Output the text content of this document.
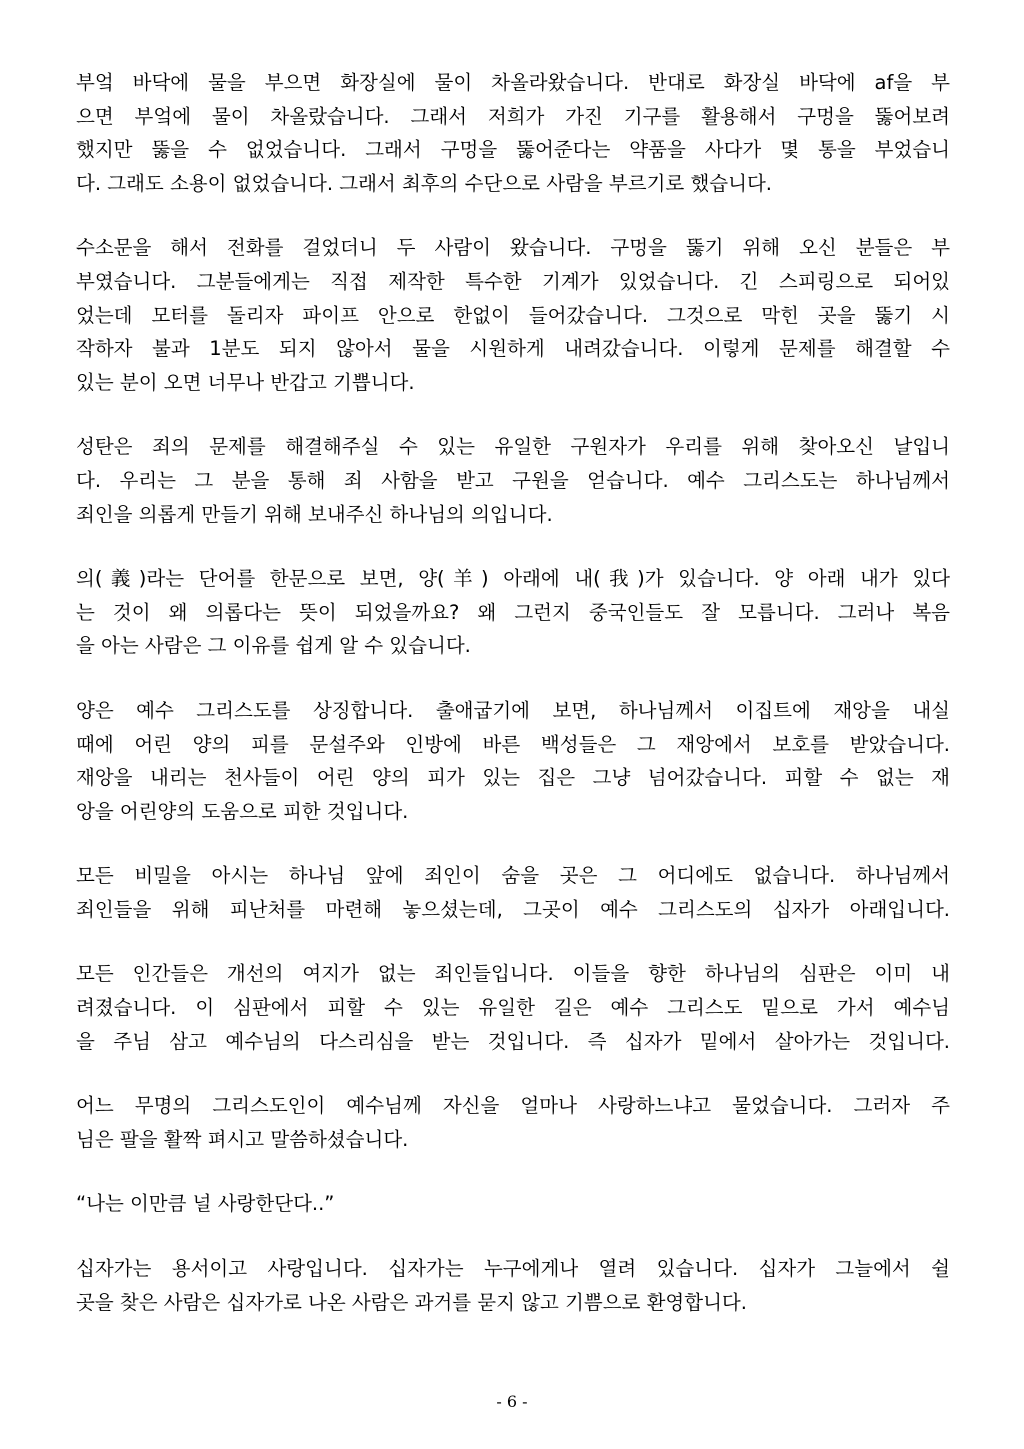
부엌 바닥에 물을 부으면 화장실에 물이 차올라왔습니다. 반대로 화장실 바닥에 af을 부
으면 부엌에 물이 차올랐습니다. 그래서 저희가 가진 기구를 활용해서 구멍을 뚫어보려
했지만 뚫을 수 없었습니다. 그래서 구멍을 뚫어준다는 약품을 사다가 몇 통을 부었습니
다. 그래도 소용이 없었습니다. 그래서 최후의 수단으로 사람을 부르기로 했습니다.
수소문을 해서 전화를 걸었더니 두 사람이 왔습니다. 구멍을 뚫기 위해 오신 분들은 부
부였습니다. 그분들에게는 직접 제작한 특수한 기계가 있었습니다. 긴 스피링으로 되어있
었는데 모터를 돌리자 파이프 안으로 한없이 들어갔습니다. 그것으로 막힌 곳을 뚫기 시
작하자 불과 1분도 되지 않아서 물을 시원하게 내려갔습니다. 이렇게 문제를 해결할 수
있는 분이 오면 너무나 반갑고 기쁩니다.
성탄은 죄의 문제를 해결해주실 수 있는 유일한 구원자가 우리를 위해 찾아오신 날입니
다. 우리는 그 분을 통해 죄 사함을 받고 구원을 얻습니다. 예수 그리스도는 하나님께서
죄인을 의롭게 만들기 위해 보내주신 하나님의 의입니다.
의(義)라는 단어를 한문으로 보면, 양(羊) 아래에 내(我)가 있습니다. 양 아래 내가 있다
는 것이 왜 의롭다는 뜻이 되었을까요? 왜 그런지 중국인들도 잘 모릅니다. 그러나 복음
을 아는 사람은 그 이유를 쉽게 알 수 있습니다.
양은 예수 그리스도를 상징합니다. 출애굽기에 보면, 하나님께서 이집트에 재앙을 내실
때에 어린 양의 피를 문설주와 인방에 바른 백성들은 그 재앙에서 보호를 받았습니다.
재앙을 내리는 천사들이 어린 양의 피가 있는 집은 그냥 넘어갔습니다. 피할 수 없는 재
앙을 어린양의 도움으로 피한 것입니다.
모든 비밀을 아시는 하나님 앞에 죄인이 숨을 곳은 그 어디에도 없습니다. 하나님께서
죄인들을 위해 피난처를 마련해 놓으셨는데, 그곳이 예수 그리스도의 십자가 아래입니다.
모든 인간들은 개선의 여지가 없는 죄인들입니다. 이들을 향한 하나님의 심판은 이미 내
려졌습니다. 이 심판에서 피할 수 있는 유일한 길은 예수 그리스도 밑으로 가서 예수님
을 주님 삼고 예수님의 다스리심을 받는 것입니다. 즉 십자가 밑에서 살아가는 것입니다.
어느 무명의 그리스도인이 예수님께 자신을 얼마나 사랑하느냐고 물었습니다. 그러자 주
님은 팔을 활짝 펴시고 말씀하셨습니다.
“나는 이만큼 널 사랑한단다..”
십자가는 용서이고 사랑입니다. 십자가는 누구에게나 열려 있습니다. 십자가 그늘에서 쉴
곳을 찾은 사람은 십자가로 나온 사람은 과거를 묻지 않고 기쁨으로 환영합니다.
- 6 -
